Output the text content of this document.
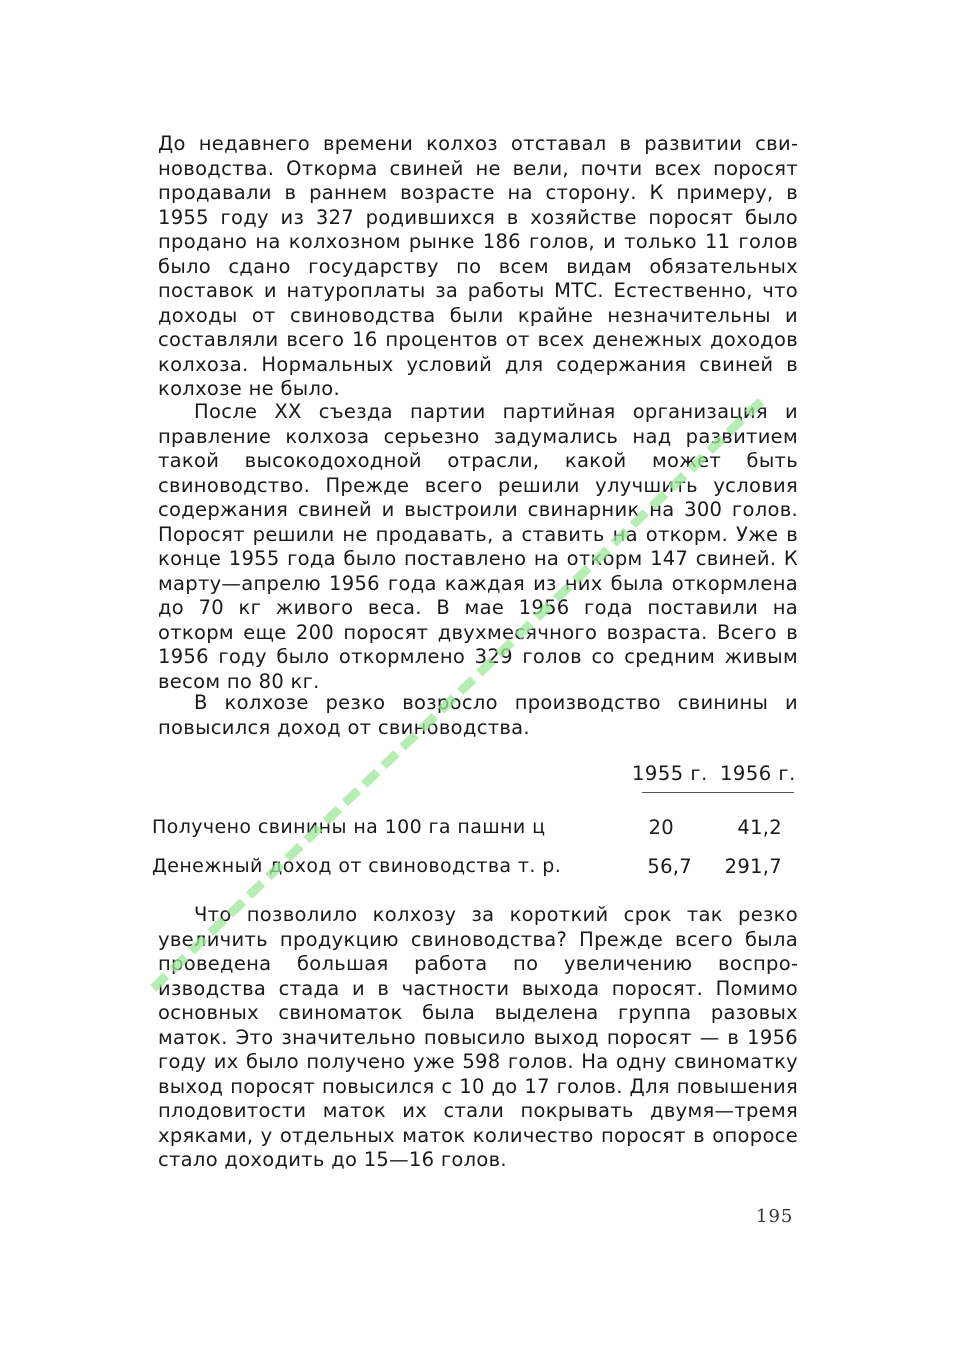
До недавнего времени колхоз отставал в развитии свиноводства. Откорма свиней не вели, почти всех поросят продавали в раннем возрасте на сторону. К примеру, в 1955 году из 327 родившихся в хозяйстве поросят было продано на колхозном рынке 186 голов, и только 11 голов было сдано государству по всем видам обязательных поставок и натуроплаты за работы МТС. Естественно, что доходы от свиноводства были крайне незначительны и составляли всего 16 процентов от всех денежных доходов колхоза. Нормальных условий для содержания свиней в колхозе не было.

После XX съезда партии партийная организация и правление колхоза серьезно задумались над развитием такой высокодоходной отрасли, какой может быть свиноводство. Прежде всего решили улучшить условия содержания свиней и выстроили свинарник на 300 голов. Поросят решили не продавать, а ставить на откорм. Уже в конце 1955 года было поставлено на откорм 147 свиней. К марту—апрелю 1956 года каждая из них была откормлена до 70 кг живого веса. В мае 1956 года поставили на откорм еще 200 поросят двухмесячного возраста. Всего в 1956 году было откормлено 329 голов со средним живым весом по 80 кг.

В колхозе резко возросло производство свинины и повысился доход от свиноводства.

1955 г. 1956 г.
Получено свинины на 100 га пашни ц	20	41,2
Денежный доход от свиноводства т. р.	56,7	291,7

Что позволило колхозу за короткий срок так резко увеличить продукцию свиноводства? Прежде всего была проведена большая работа по увеличению воспроизводства стада и в частности выхода поросят. Помимо основных свиноматок была выделена группа разовых маток. Это значительно повысило выход поросят — в 1956 году их было получено уже 598 голов. На одну свиноматку выход поросят повысился с 10 до 17 голов. Для повышения плодовитости маток их стали покрывать двумя—тремя хряками, у отдельных маток количество поросят в опоросе стало доходить до 15—16 голов.

195
